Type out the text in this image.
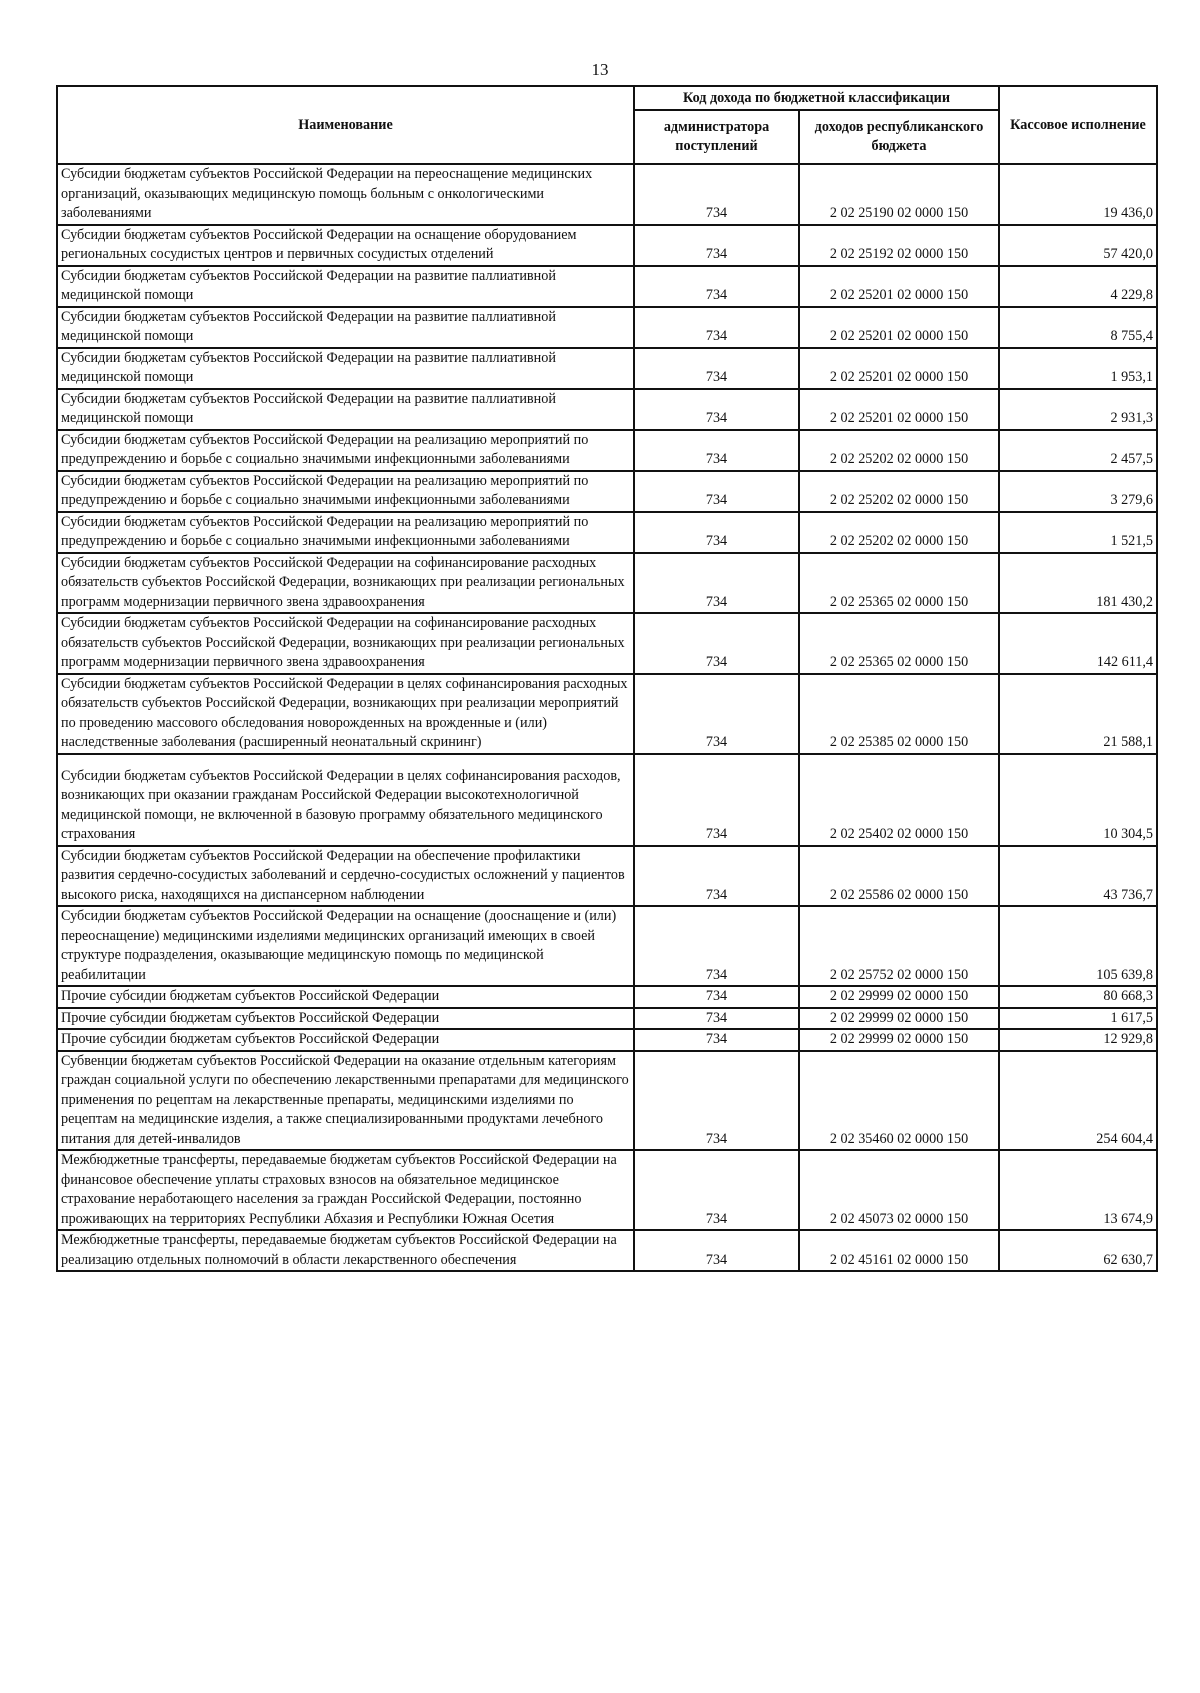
13
Наименование	Код дохода по бюджетной классификации		Кассовое исполнение
	администратора поступлений	доходов республиканского бюджета	
Субсидии бюджетам субъектов Российской Федерации на переоснащение медицинских организаций, оказывающих медицинскую помощь больным с онкологическими заболеваниями	734	2 02 25190 02 0000 150	19 436,0
Субсидии бюджетам субъектов Российской Федерации на оснащение оборудованием региональных сосудистых центров и первичных сосудистых отделений	734	2 02 25192 02 0000 150	57 420,0
Субсидии бюджетам субъектов Российской Федерации на развитие паллиативной медицинской помощи	734	2 02 25201 02 0000 150	4 229,8
Субсидии бюджетам субъектов Российской Федерации на развитие паллиативной медицинской помощи	734	2 02 25201 02 0000 150	8 755,4
Субсидии бюджетам субъектов Российской Федерации на развитие паллиативной медицинской помощи	734	2 02 25201 02 0000 150	1 953,1
Субсидии бюджетам субъектов Российской Федерации на развитие паллиативной медицинской помощи	734	2 02 25201 02 0000 150	2 931,3
Субсидии бюджетам субъектов Российской Федерации на реализацию мероприятий по предупреждению и борьбе с социально значимыми инфекционными заболеваниями	734	2 02 25202 02 0000 150	2 457,5
Субсидии бюджетам субъектов Российской Федерации на реализацию мероприятий по предупреждению и борьбе с социально значимыми инфекционными заболеваниями	734	2 02 25202 02 0000 150	3 279,6
Субсидии бюджетам субъектов Российской Федерации на реализацию мероприятий по предупреждению и борьбе с социально значимыми инфекционными заболеваниями	734	2 02 25202 02 0000 150	1 521,5
Субсидии бюджетам субъектов Российской Федерации на софинансирование расходных обязательств субъектов Российской Федерации, возникающих при реализации региональных программ модернизации первичного звена здравоохранения	734	2 02 25365 02 0000 150	181 430,2
Субсидии бюджетам субъектов Российской Федерации на софинансирование расходных обязательств субъектов Российской Федерации, возникающих при реализации региональных программ модернизации первичного звена здравоохранения	734	2 02 25365 02 0000 150	142 611,4
Субсидии бюджетам субъектов Российской Федерации в целях софинансирования расходных обязательств субъектов Российской Федерации, возникающих при реализации мероприятий по проведению массового обследования новорожденных на врожденные и (или) наследственные заболевания (расширенный неонатальный скрининг)	734	2 02 25385 02 0000 150	21 588,1
Субсидии бюджетам субъектов Российской Федерации в целях софинансирования расходов, возникающих при оказании гражданам Российской Федерации высокотехнологичной медицинской помощи, не включенной в базовую программу обязательного медицинского страхования	734	2 02 25402 02 0000 150	10 304,5
Субсидии бюджетам субъектов Российской Федерации на обеспечение профилактики развития сердечно-сосудистых заболеваний и сердечно-сосудистых осложнений у пациентов высокого риска, находящихся на диспансерном наблюдении	734	2 02 25586 02 0000 150	43 736,7
Субсидии бюджетам субъектов Российской Федерации на оснащение (дооснащение и (или) переоснащение) медицинскими изделиями медицинских организаций имеющих в своей структуре подразделения, оказывающие медицинскую помощь по медицинской реабилитации	734	2 02 25752 02 0000 150	105 639,8
Прочие субсидии бюджетам субъектов Российской Федерации	734	2 02 29999 02 0000 150	80 668,3
Прочие субсидии бюджетам субъектов Российской Федерации	734	2 02 29999 02 0000 150	1 617,5
Прочие субсидии бюджетам субъектов Российской Федерации	734	2 02 29999 02 0000 150	12 929,8
Субвенции бюджетам субъектов Российской Федерации на оказание отдельным категориям граждан социальной услуги по обеспечению лекарственными препаратами для медицинского применения по рецептам на лекарственные препараты, медицинскими изделиями по рецептам на медицинские изделия, а также специализированными продуктами лечебного питания для детей-инвалидов	734	2 02 35460 02 0000 150	254 604,4
Межбюджетные трансферты, передаваемые бюджетам субъектов Российской Федерации на финансовое обеспечение уплаты страховых взносов на обязательное медицинское страхование неработающего населения за граждан Российской Федерации, постоянно проживающих на территориях Республики Абхазия и Республики Южная Осетия	734	2 02 45073 02 0000 150	13 674,9
Межбюджетные трансферты, передаваемые бюджетам субъектов Российской Федерации на реализацию отдельных полномочий в области лекарственного обеспечения	734	2 02 45161 02 0000 150	62 630,7
